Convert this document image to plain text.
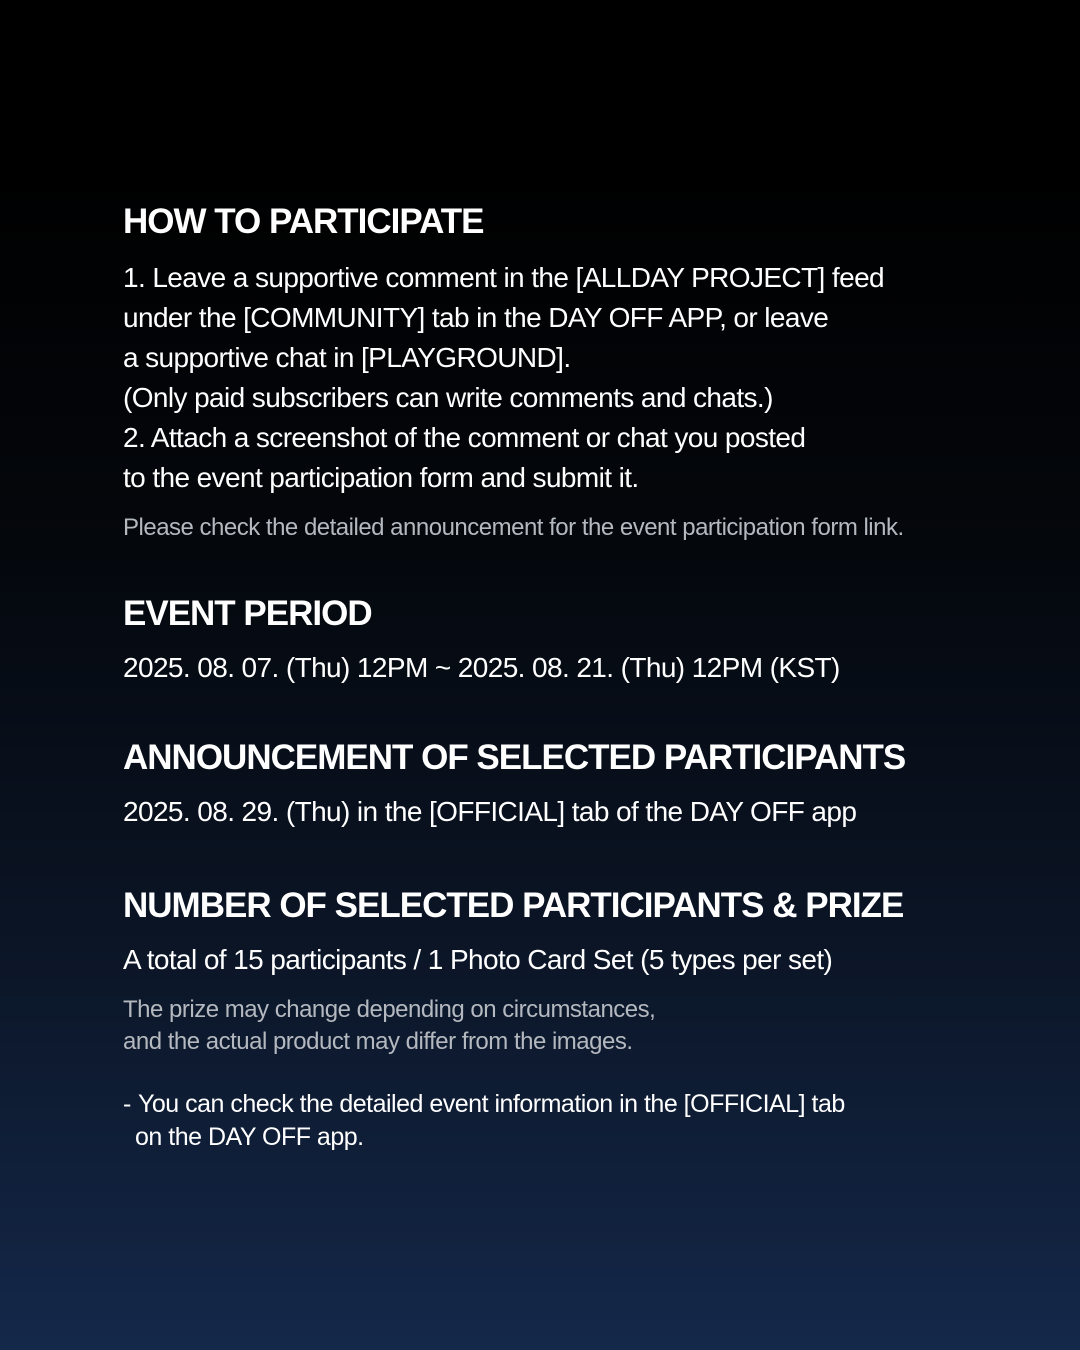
HOW TO PARTICIPATE

1. Leave a supportive comment in the [ALLDAY PROJECT] feed
under the [COMMUNITY] tab in the DAY OFF APP, or leave
a supportive chat in [PLAYGROUND].
(Only paid subscribers can write comments and chats.)
2. Attach a screenshot of the comment or chat you posted
to the event participation form and submit it.

Please check the detailed announcement for the event participation form link.

EVENT PERIOD

2025. 08. 07. (Thu) 12PM ~ 2025. 08. 21. (Thu) 12PM (KST)

ANNOUNCEMENT OF SELECTED PARTICIPANTS

2025. 08. 29. (Thu) in the [OFFICIAL] tab of the DAY OFF app

NUMBER OF SELECTED PARTICIPANTS & PRIZE

A total of 15 participants / 1 Photo Card Set (5 types per set)

The prize may change depending on circumstances,
and the actual product may differ from the images.

- You can check the detailed event information in the [OFFICIAL] tab
on the DAY OFF app.
